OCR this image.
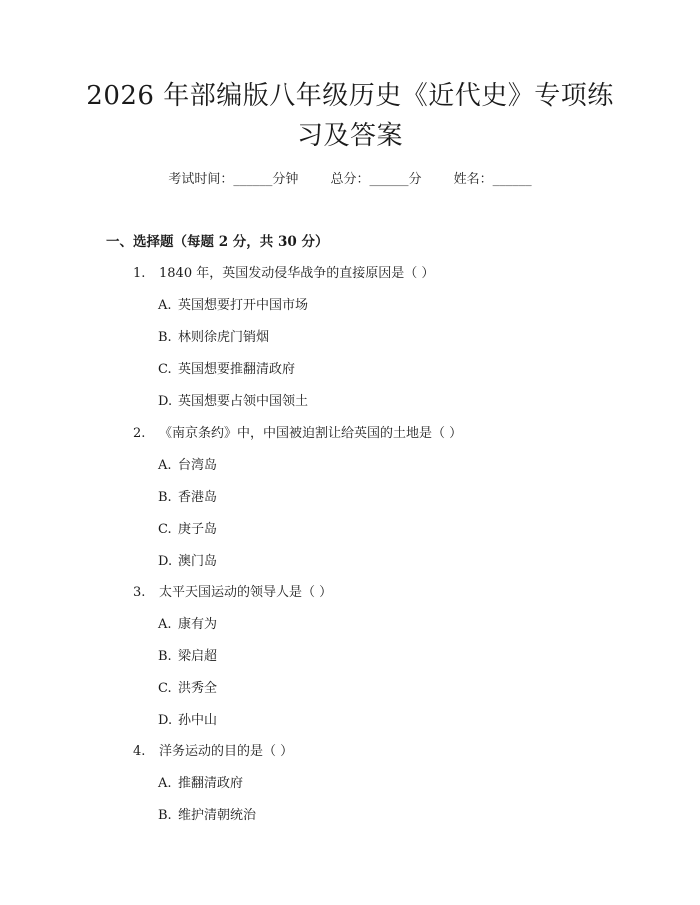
2026 年部编版八年级历史《近代史》专项练
习及答案
考试时间：______分钟 总分：______分 姓名：______
一、选择题（每题 2 分，共 30 分）
1. 1840 年，英国发动侵华战争的直接原因是（ ）
A. 英国想要打开中国市场
B. 林则徐虎门销烟
C. 英国想要推翻清政府
D. 英国想要占领中国领土
2. 《南京条约》中，中国被迫割让给英国的土地是（ ）
A. 台湾岛
B. 香港岛
C. 庚子岛
D. 澳门岛
3. 太平天国运动的领导人是（ ）
A. 康有为
B. 梁启超
C. 洪秀全
D. 孙中山
4. 洋务运动的目的是（ ）
A. 推翻清政府
B. 维护清朝统治
